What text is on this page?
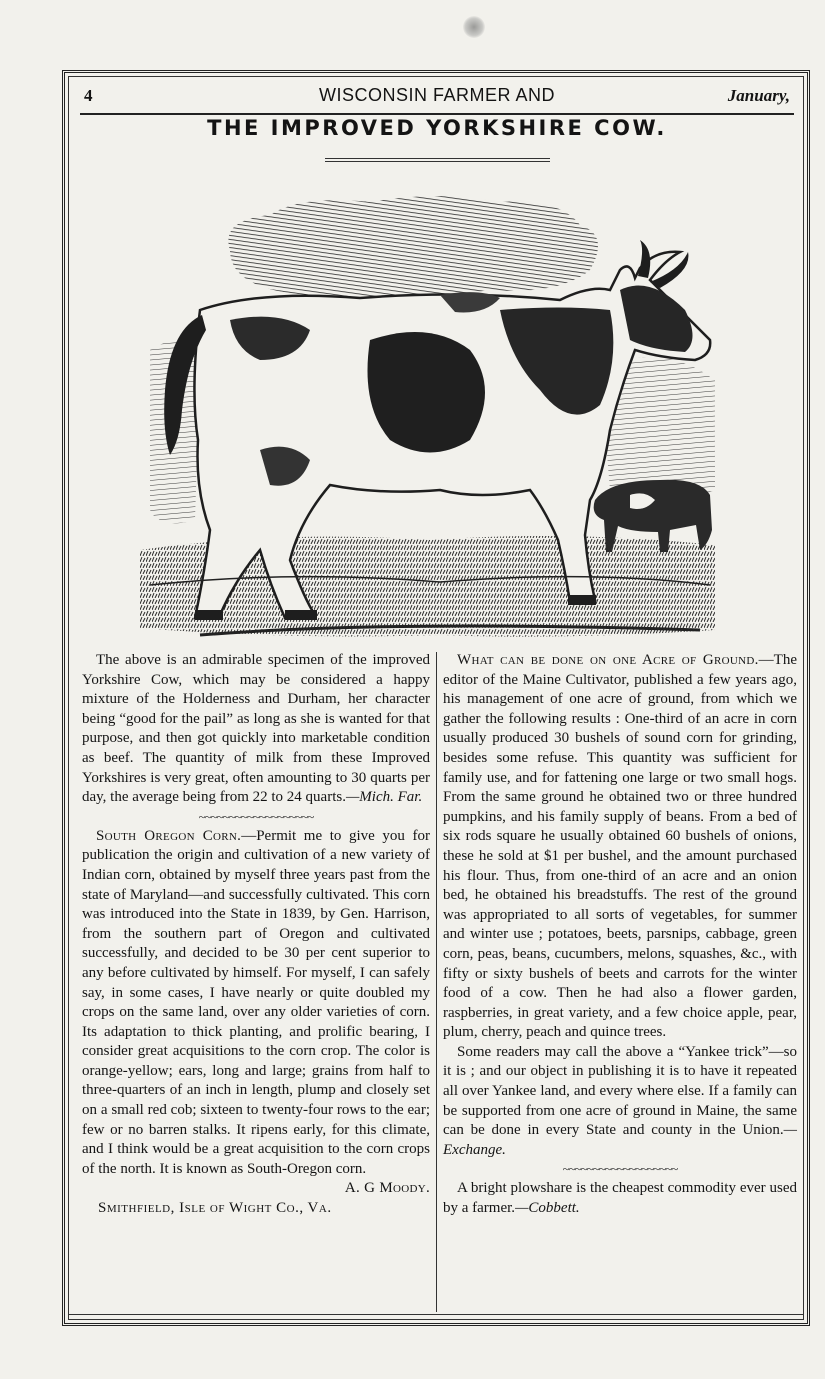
4	WISCONSIN FARMER AND	January,
THE IMPROVED YORKSHIRE COW.

The above is an admirable specimen of the improved Yorkshire Cow, which may be considered a happy mixture of the Holderness and Durham, her character being “good for the pail” as long as she is wanted for that purpose, and then got quickly into marketable condition as beef. The quantity of milk from these Improved Yorkshires is very great, often amounting to 30 quarts per day, the average being from 22 to 24 quarts.—Mich. Far.

~~~~~~~~~~~~~~~~~~~

South Oregon Corn.—Permit me to give you for publication the origin and cultivation of a new variety of Indian corn, obtained by myself three years past from the state of Maryland—and successfully cultivated. This corn was introduced into the State in 1839, by Gen. Harrison, from the southern part of Oregon and cultivated successfully, and decided to be 30 per cent superior to any before cultivated by himself. For myself, I can safely say, in some cases, I have nearly or quite doubled my crops on the same land, over any older varieties of corn. Its adaptation to thick planting, and prolific bearing, I consider great acquisitions to the corn crop. The color is orange-yellow; ears, long and large; grains from half to three-quarters of an inch in length, plump and closely set on a small red cob; sixteen to twenty-four rows to the ear; few or no barren stalks. It ripens early, for this climate, and I think would be a great acquisition to the corn crops of the north. It is known as South-Oregon corn.

A. G Moody.
Smithfield, Isle of Wight Co., Va.

What can be done on one Acre of Ground.—The editor of the Maine Cultivator, published a few years ago, his management of one acre of ground, from which we gather the following results : One-third of an acre in corn usually produced 30 bushels of sound corn for grinding, besides some refuse. This quantity was sufficient for family use, and for fattening one large or two small hogs. From the same ground he obtained two or three hundred pumpkins, and his family supply of beans. From a bed of six rods square he usually obtained 60 bushels of onions, these he sold at $1 per bushel, and the amount purchased his flour. Thus, from one-third of an acre and an onion bed, he obtained his breadstuffs. The rest of the ground was appropriated to all sorts of vegetables, for summer and winter use ; potatoes, beets, parsnips, cabbage, green corn, peas, beans, cucumbers, melons, squashes, &c., with fifty or sixty bushels of beets and carrots for the winter food of a cow. Then he had also a flower garden, raspberries, in great variety, and a few choice apple, pear, plum, cherry, peach and quince trees.

Some readers may call the above a “Yankee trick”—so it is ; and our object in publishing it is to have it repeated all over Yankee land, and every where else. If a family can be supported from one acre of ground in Maine, the same can be done in every State and county in the Union.—Exchange.

~~~~~~~~~~~~~~~~~~~

A bright plowshare is the cheapest commodity ever used by a farmer.—Cobbett.
